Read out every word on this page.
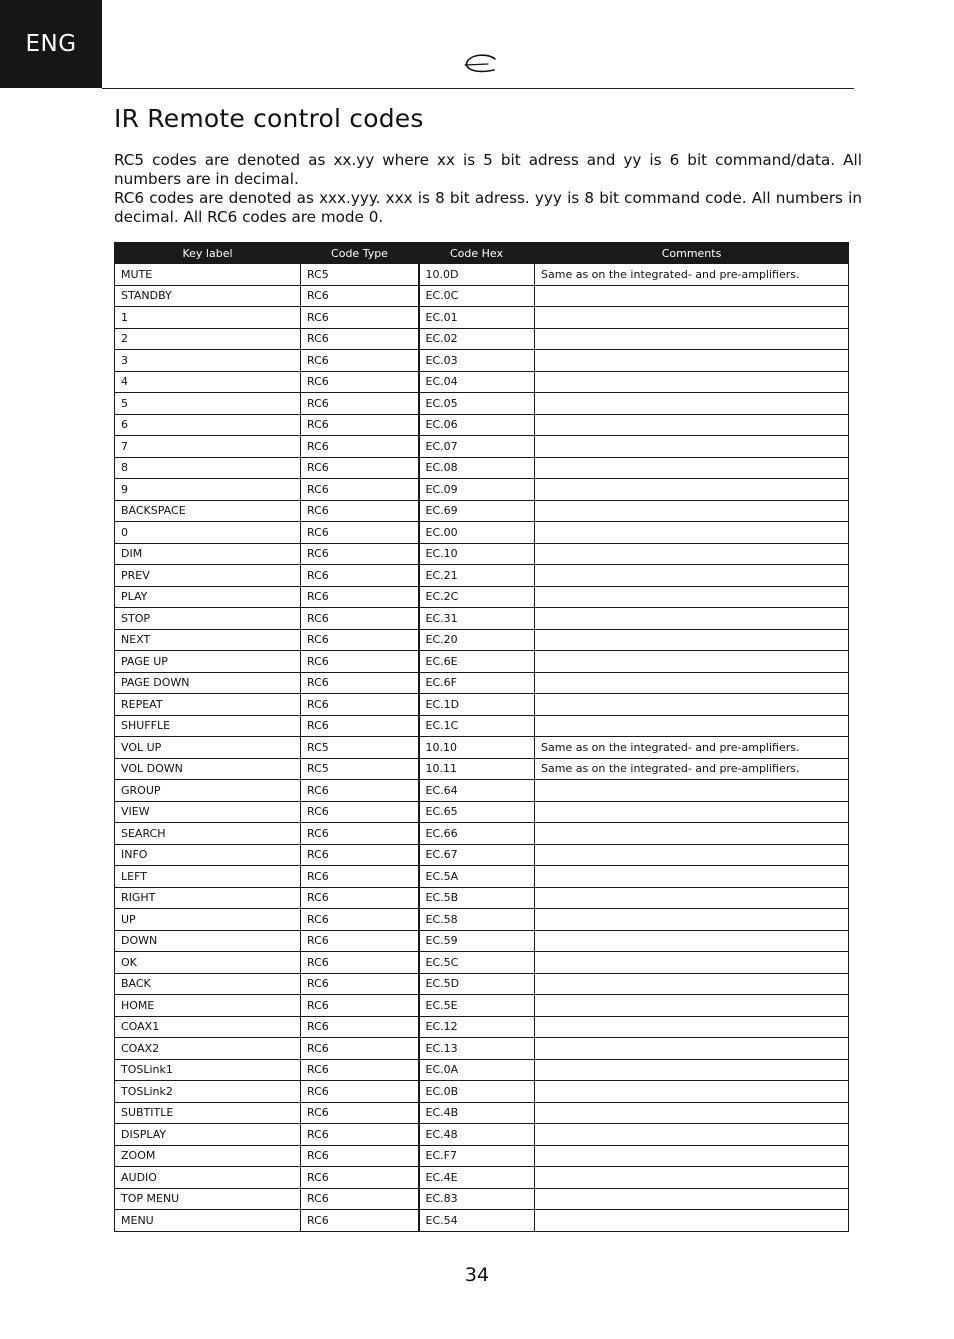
ENG
IR Remote control codes

RC5 codes are denoted as xx.yy where xx is 5 bit adress and yy is 6 bit command/data. All numbers are in decimal.

RC6 codes are denoted as xxx.yyy. xxx is 8 bit adress. yyy is 8 bit command code. All numbers in decimal. All RC6 codes are mode 0.

Key label	Code Type	Code Hex	Comments
MUTE	RC5	10.0D	Same as on the integrated- and pre-amplifiers.
STANDBY	RC6	EC.0C	
1	RC6	EC.01	
2	RC6	EC.02	
3	RC6	EC.03	
4	RC6	EC.04	
5	RC6	EC.05	
6	RC6	EC.06	
7	RC6	EC.07	
8	RC6	EC.08	
9	RC6	EC.09	
BACKSPACE	RC6	EC.69	
0	RC6	EC.00	
DIM	RC6	EC.10	
PREV	RC6	EC.21	
PLAY	RC6	EC.2C	
STOP	RC6	EC.31	
NEXT	RC6	EC.20	
PAGE UP	RC6	EC.6E	
PAGE DOWN	RC6	EC.6F	
REPEAT	RC6	EC.1D	
SHUFFLE	RC6	EC.1C	
VOL UP	RC5	10.10	Same as on the integrated- and pre-amplifiers.
VOL DOWN	RC5	10.11	Same as on the integrated- and pre-amplifiers.
GROUP	RC6	EC.64	
VIEW	RC6	EC.65	
SEARCH	RC6	EC.66	
INFO	RC6	EC.67	
LEFT	RC6	EC.5A	
RIGHT	RC6	EC.5B	
UP	RC6	EC.58	
DOWN	RC6	EC.59	
OK	RC6	EC.5C	
BACK	RC6	EC.5D	
HOME	RC6	EC.5E	
COAX1	RC6	EC.12	
COAX2	RC6	EC.13	
TOSLink1	RC6	EC.0A	
TOSLink2	RC6	EC.0B	
SUBTITLE	RC6	EC.4B	
DISPLAY	RC6	EC.48	
ZOOM	RC6	EC.F7	
AUDIO	RC6	EC.4E	
TOP MENU	RC6	EC.83	
MENU	RC6	EC.54	
34
